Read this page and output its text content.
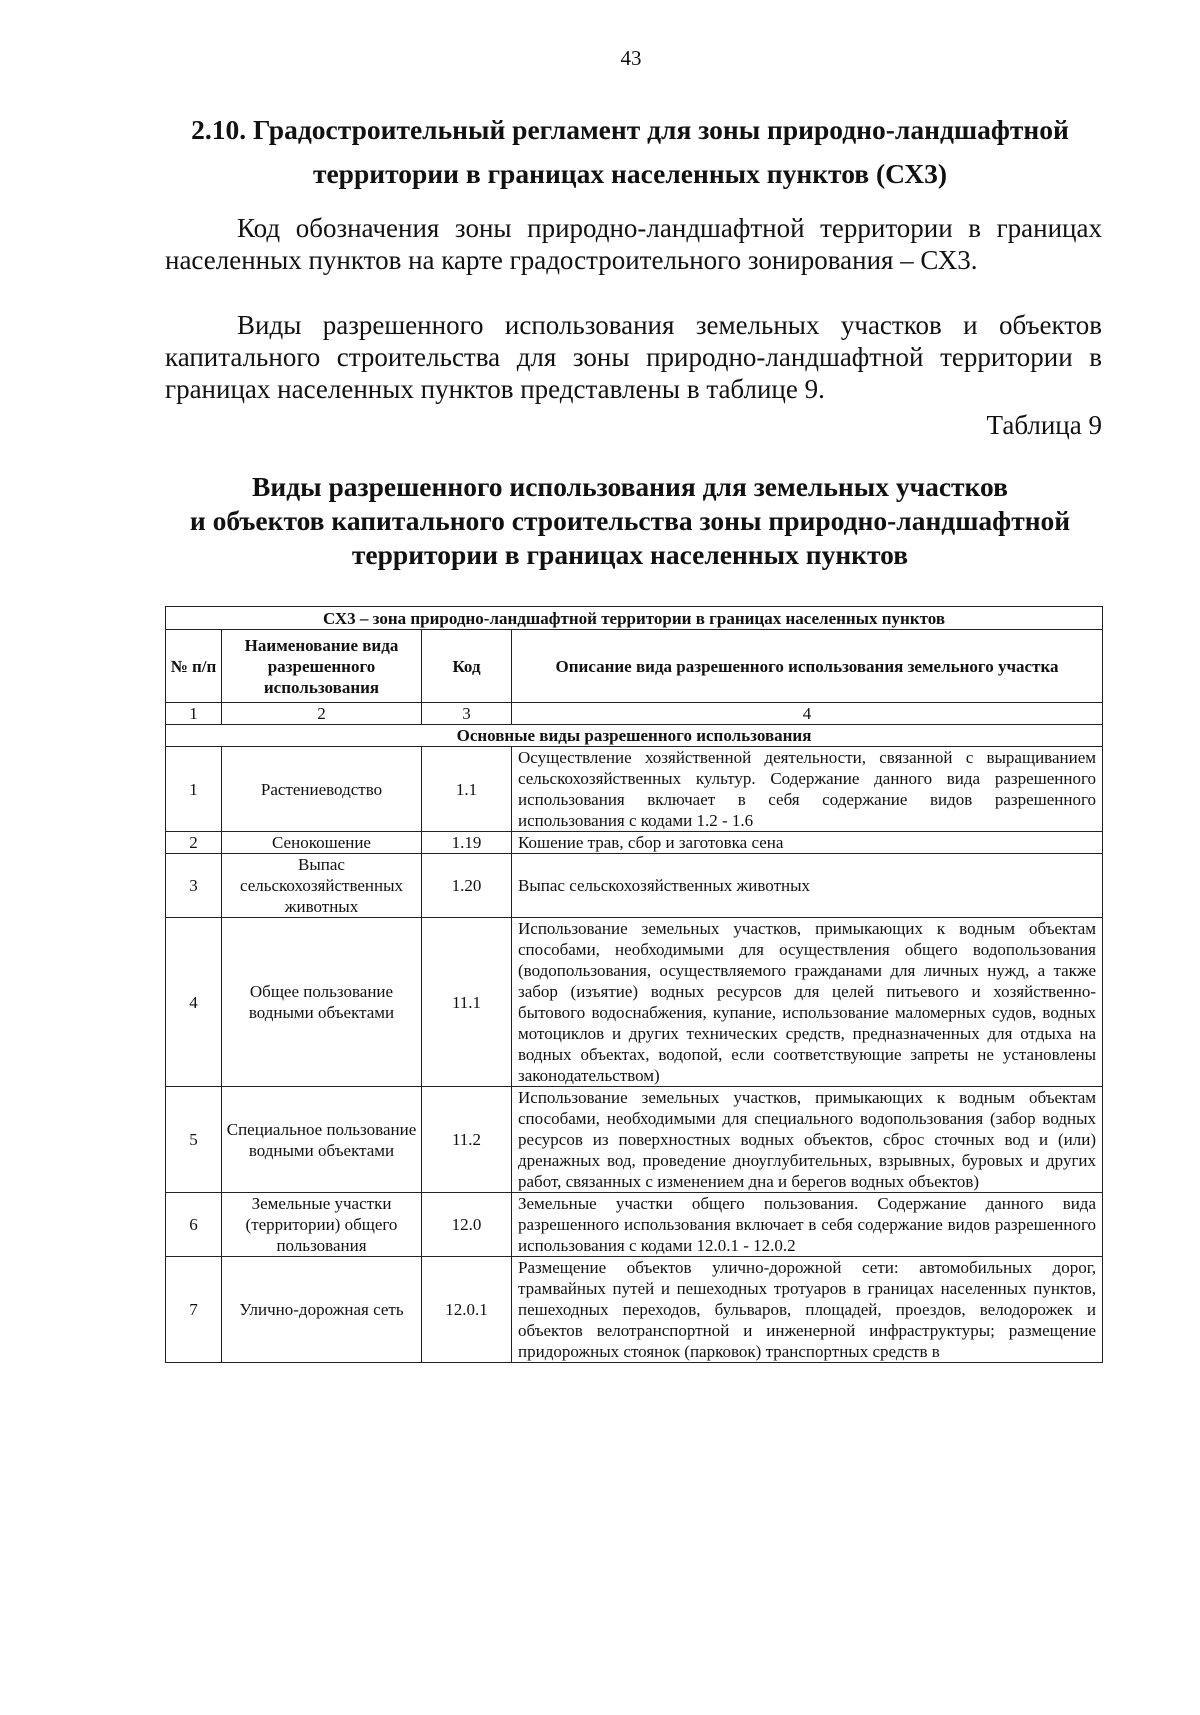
43
2.10. Градостроительный регламент для зоны природно-ландшафтной
территории в границах населенных пунктов (СХ3)
Код обозначения зоны природно-ландшафтной территории в границах населенных пунктов на карте градостроительного зонирования – СХ3.
Виды разрешенного использования земельных участков и объектов капитального строительства для зоны природно-ландшафтной территории в границах населенных пунктов представлены в таблице 9.
Таблица 9
Виды разрешенного использования для земельных участков
и объектов капитального строительства зоны природно-ландшафтной
территории в границах населенных пунктов
СХ3 – зона природно-ландшафтной территории в границах населенных пунктов			
№ п/п	Наименование вида разрешенного использования	Код	Описание вида разрешенного использования земельного участка
1	2	3	4
Основные виды разрешенного использования			
1	Растениеводство	1.1	Осуществление хозяйственной деятельности, связанной с выращиванием сельскохозяйственных культур. Содержание данного вида разрешенного использования включает в себя содержание видов разрешенного использования с кодами 1.2 - 1.6
2	Сенокошение	1.19	Кошение трав, сбор и заготовка сена
3	Выпас сельскохозяйственных животных	1.20	Выпас сельскохозяйственных животных
4	Общее пользование водными объектами	11.1	Использование земельных участков, примыкающих к водным объектам способами, необходимыми для осуществления общего водопользования (водопользования, осуществляемого гражданами для личных нужд, а также забор (изъятие) водных ресурсов для целей питьевого и хозяйственно-бытового водоснабжения, купание, использование маломерных судов, водных мотоциклов и других технических средств, предназначенных для отдыха на водных объектах, водопой, если соответствующие запреты не установлены законодательством)
5	Специальное пользование водными объектами	11.2	Использование земельных участков, примыкающих к водным объектам способами, необходимыми для специального водопользования (забор водных ресурсов из поверхностных водных объектов, сброс сточных вод и (или) дренажных вод, проведение дноуглубительных, взрывных, буровых и других работ, связанных с изменением дна и берегов водных объектов)
6	Земельные участки (территории) общего пользования	12.0	Земельные участки общего пользования. Содержание данного вида разрешенного использования включает в себя содержание видов разрешенного использования с кодами 12.0.1 - 12.0.2
7	Улично-дорожная сеть	12.0.1	Размещение объектов улично-дорожной сети: автомобильных дорог, трамвайных путей и пешеходных тротуаров в границах населенных пунктов, пешеходных переходов, бульваров, площадей, проездов, велодорожек и объектов велотранспортной и инженерной инфраструктуры; размещение придорожных стоянок (парковок) транспортных средств в
